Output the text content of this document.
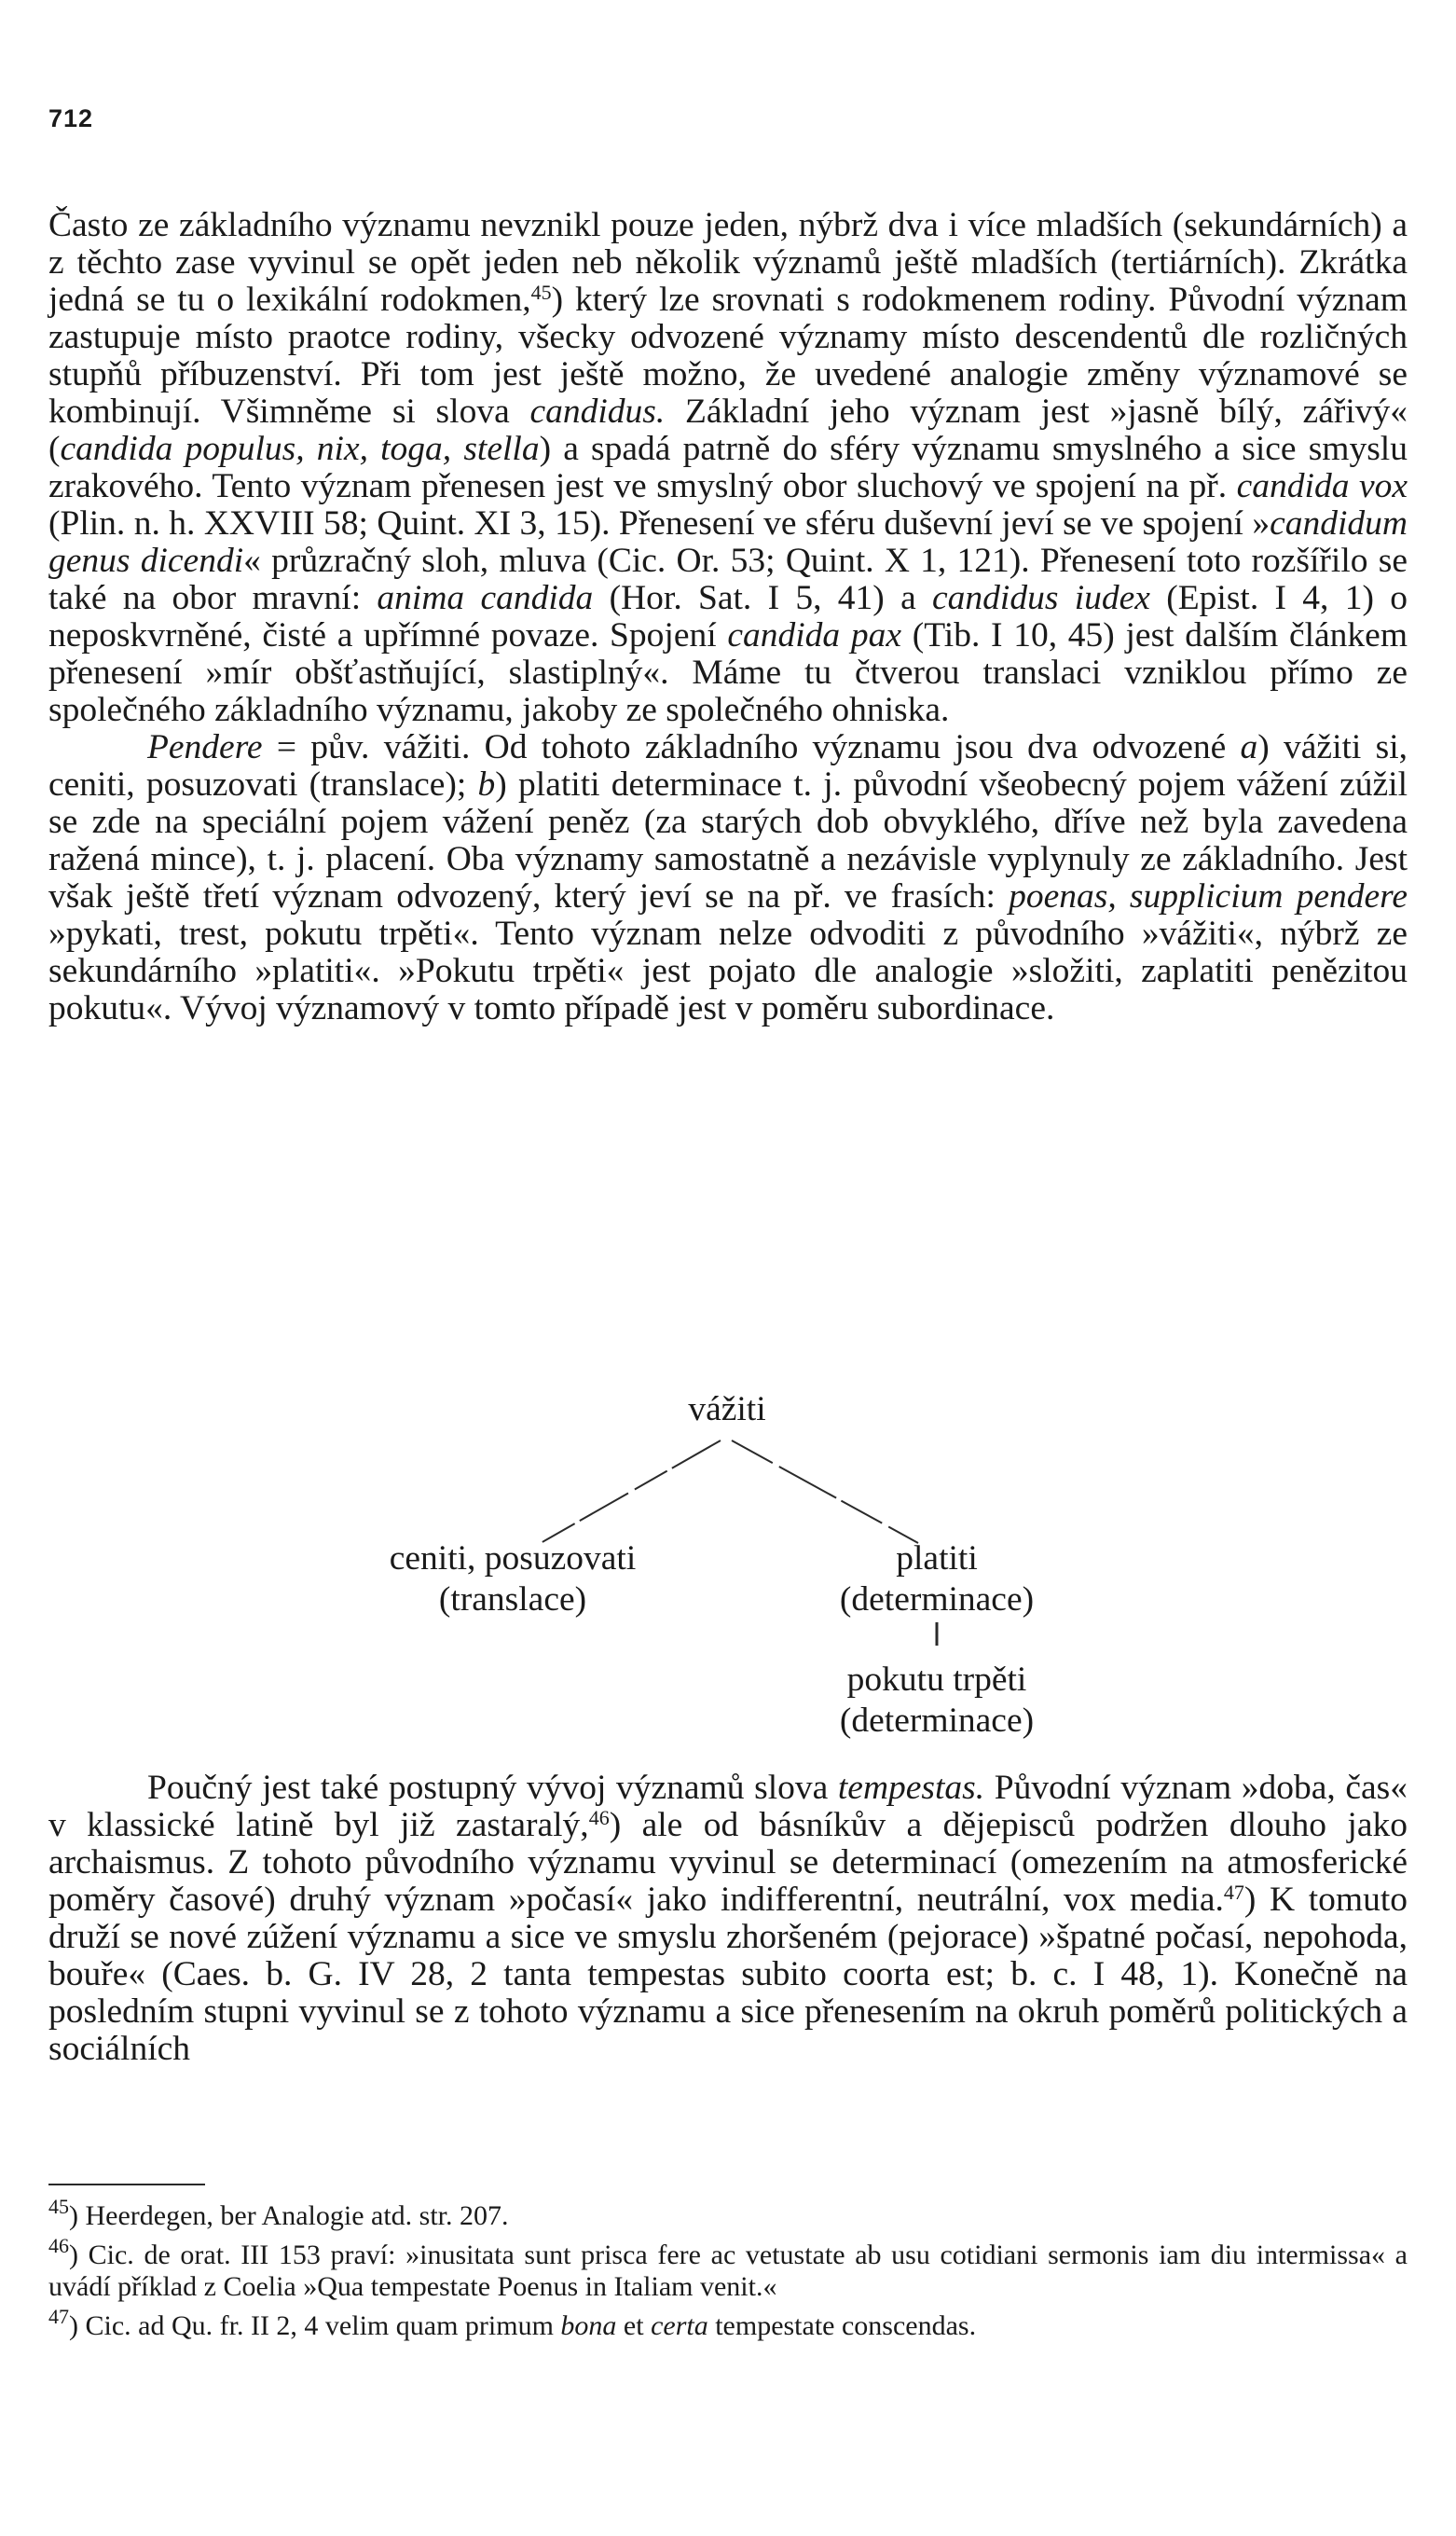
712

Často ze základního významu nevznikl pouze jeden, nýbrž dva i více mladších (sekundárních) a z těchto zase vyvinul se opět jeden neb několik významů ještě mladších (tertiárních). Zkrátka jedná se tu o lexikální rodokmen,$^{45}$) který lze srovnati s rodokmenem rodiny. Původní význam zastupuje místo praotce rodiny, všecky odvozené významy místo descendentů dle rozličných stupňů příbuzenství. Při tom jest ještě možno, že uvedené analogie změny významové se kombinují. Všimněme si slova candidus. Základní jeho význam jest »jasně bílý, zářivý« (candida populus, nix, toga, stella) a spadá patrně do sféry významu smyslného a sice smyslu zrakového. Tento význam přenesen jest ve smyslný obor sluchový ve spojení na př. candida vox (Plin. n. h. XXVIII 58; Quint. XI 3, 15). Přenesení ve sféru duševní jeví se ve spojení »candidum genus dicendi« průzračný sloh, mluva (Cic. Or. 53; Quint. X 1, 121). Přenesení toto rozšířilo se také na obor mravní: anima candida (Hor. Sat. I 5, 41) a candidus iudex (Epist. I 4, 1) o neposkvrněné, čisté a upřímné povaze. Spojení candida pax (Tib. I 10, 45) jest dalším článkem přenesení »mír obšťastňující, slastiplný«. Máme tu čtverou translaci vzniklou přímo ze společného základního významu, jakoby ze společného ohniska.

Pendere = pův. vážiti. Od tohoto základního významu jsou dva odvozené a) vážiti si, ceniti, posuzovati (translace); b) platiti determinace t. j. původní všeobecný pojem vážení zúžil se zde na speciální pojem vážení peněz (za starých dob obvyklého, dříve než byla zavedena ražená mince), t. j. placení. Oba významy samostatně a nezávisle vyplynuly ze základního. Jest však ještě třetí význam odvozený, který jeví se na př. ve frasích: poenas, supplicium pendere »pykati, trest, pokutu trpěti«. Tento význam nelze odvoditi z původního »vážiti«, nýbrž ze sekundárního »platiti«. »Pokutu trpěti« jest pojato dle analogie »složiti, zaplatiti penězitou pokutu«. Vývoj významový v tomto případě jest v poměru subordinace.

vážiti
ceniti, posuzovati
(translace)
platiti
(determinace)
pokutu trpěti
(determinace)

Poučný jest také postupný vývoj významů slova tempestas. Původní význam »doba, čas« v klassické latině byl již zastaralý,$^{46}$) ale od básníkův a dějepisců podržen dlouho jako archaismus. Z tohoto původního významu vyvinul se determinací (omezením na atmosferické poměry časové) druhý význam »počasí« jako indifferentní, neutrální, vox media.$^{47}$) K tomuto druží se nové zúžení významu a sice ve smyslu zhoršeném (pejorace) »špatné počasí, nepohoda, bouře« (Caes. b. G. IV 28, 2 tanta tempestas subito coorta est; b. c. I 48, 1). Konečně na posledním stupni vyvinul se z tohoto významu a sice přenesením na okruh poměrů politických a sociálních

$^{45}$) Heerdegen, ber Analogie atd. str. 207.

$^{46}$) Cic. de orat. III 153 praví: »inusitata sunt prisca fere ac vetustate ab usu cotidiani sermonis iam diu intermissa« a uvádí příklad z Coelia »Qua tempestate Poenus in Italiam venit.«

$^{47}$) Cic. ad Qu. fr. II 2, 4 velim quam primum bona et certa tempestate conscendas.
